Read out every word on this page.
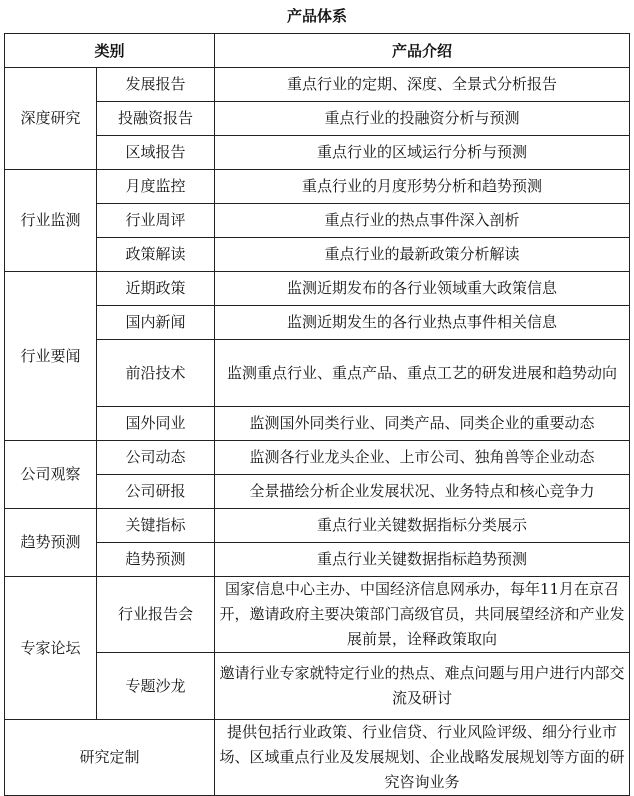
产品体系
类别		产品介绍
深度研究	发展报告	重点行业的定期、深度、全景式分析报告
	投融资报告	重点行业的投融资分析与预测
	区域报告	重点行业的区域运行分析与预测
行业监测	月度监控	重点行业的月度形势分析和趋势预测
	行业周评	重点行业的热点事件深入剖析
	政策解读	重点行业的最新政策分析解读
行业要闻	近期政策	监测近期发布的各行业领域重大政策信息
	国内新闻	监测近期发生的各行业热点事件相关信息
	前沿技术	监测重点行业、重点产品、重点工艺的研发进展和趋势动向
	国外同业	监测国外同类行业、同类产品、同类企业的重要动态
公司观察	公司动态	监测各行业龙头企业、上市公司、独角兽等企业动态
	公司研报	全景描绘分析企业发展状况、业务特点和核心竞争力
趋势预测	关键指标	重点行业关键数据指标分类展示
	趋势预测	重点行业关键数据指标趋势预测
专家论坛	行业报告会	国家信息中心主办、中国经济信息网承办，每年11月在京召开，邀请政府主要决策部门高级官员，共同展望经济和产业发展前景，诠释政策取向
	专题沙龙	邀请行业专家就特定行业的热点、难点问题与用户进行内部交流及研讨
研究定制		提供包括行业政策、行业信贷、行业风险评级、细分行业市场、区域重点行业及发展规划、企业战略发展规划等方面的研究咨询业务
